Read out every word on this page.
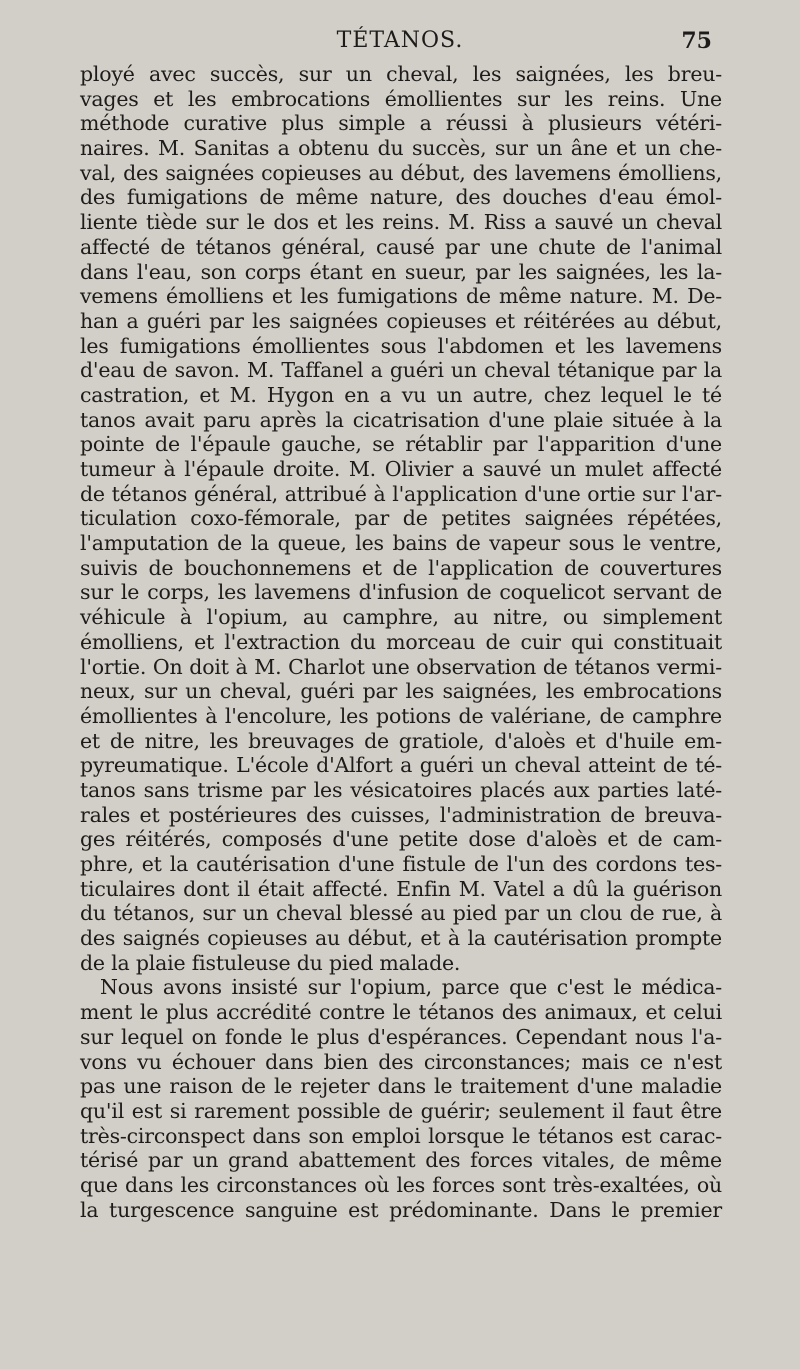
TÉTANOS.	75
ployé avec succès, sur un cheval, les saignées, les breu-
vages et les embrocations émollientes sur les reins. Une
méthode curative plus simple a réussi à plusieurs vétéri-
naires. M. Sanitas a obtenu du succès, sur un âne et un che-
val, des saignées copieuses au début, des lavemens émolliens,
des fumigations de même nature, des douches d'eau émol-
liente tiède sur le dos et les reins. M. Riss a sauvé un cheval
affecté de tétanos général, causé par une chute de l'animal
dans l'eau, son corps étant en sueur, par les saignées, les la-
vemens émolliens et les fumigations de même nature. M. De-
han a guéri par les saignées copieuses et réitérées au début,
les fumigations émollientes sous l'abdomen et les lavemens
d'eau de savon. M. Taffanel a guéri un cheval tétanique par la
castration, et M. Hygon en a vu un autre, chez lequel le té
tanos avait paru après la cicatrisation d'une plaie située à la
pointe de l'épaule gauche, se rétablir par l'apparition d'une
tumeur à l'épaule droite. M. Olivier a sauvé un mulet affecté
de tétanos général, attribué à l'application d'une ortie sur l'ar-
ticulation coxo-fémorale, par de petites saignées répétées,
l'amputation de la queue, les bains de vapeur sous le ventre,
suivis de bouchonnemens et de l'application de couvertures
sur le corps, les lavemens d'infusion de coquelicot servant de
véhicule à l'opium, au camphre, au nitre, ou simplement
émolliens, et l'extraction du morceau de cuir qui constituait
l'ortie. On doit à M. Charlot une observation de tétanos vermi-
neux, sur un cheval, guéri par les saignées, les embrocations
émollientes à l'encolure, les potions de valériane, de camphre
et de nitre, les breuvages de gratiole, d'aloès et d'huile em-
pyreumatique. L'école d'Alfort a guéri un cheval atteint de té-
tanos sans trisme par les vésicatoires placés aux parties laté-
rales et postérieures des cuisses, l'administration de breuva-
ges réitérés, composés d'une petite dose d'aloès et de cam-
phre, et la cautérisation d'une fistule de l'un des cordons tes-
ticulaires dont il était affecté. Enfin M. Vatel a dû la guérison
du tétanos, sur un cheval blessé au pied par un clou de rue, à
des saignés copieuses au début, et à la cautérisation prompte
de la plaie fistuleuse du pied malade.
Nous avons insisté sur l'opium, parce que c'est le médica-
ment le plus accrédité contre le tétanos des animaux, et celui
sur lequel on fonde le plus d'espérances. Cependant nous l'a-
vons vu échouer dans bien des circonstances; mais ce n'est
pas une raison de le rejeter dans le traitement d'une maladie
qu'il est si rarement possible de guérir; seulement il faut être
très-circonspect dans son emploi lorsque le tétanos est carac-
térisé par un grand abattement des forces vitales, de même
que dans les circonstances où les forces sont très-exaltées, où
la turgescence sanguine est prédominante. Dans le premier
